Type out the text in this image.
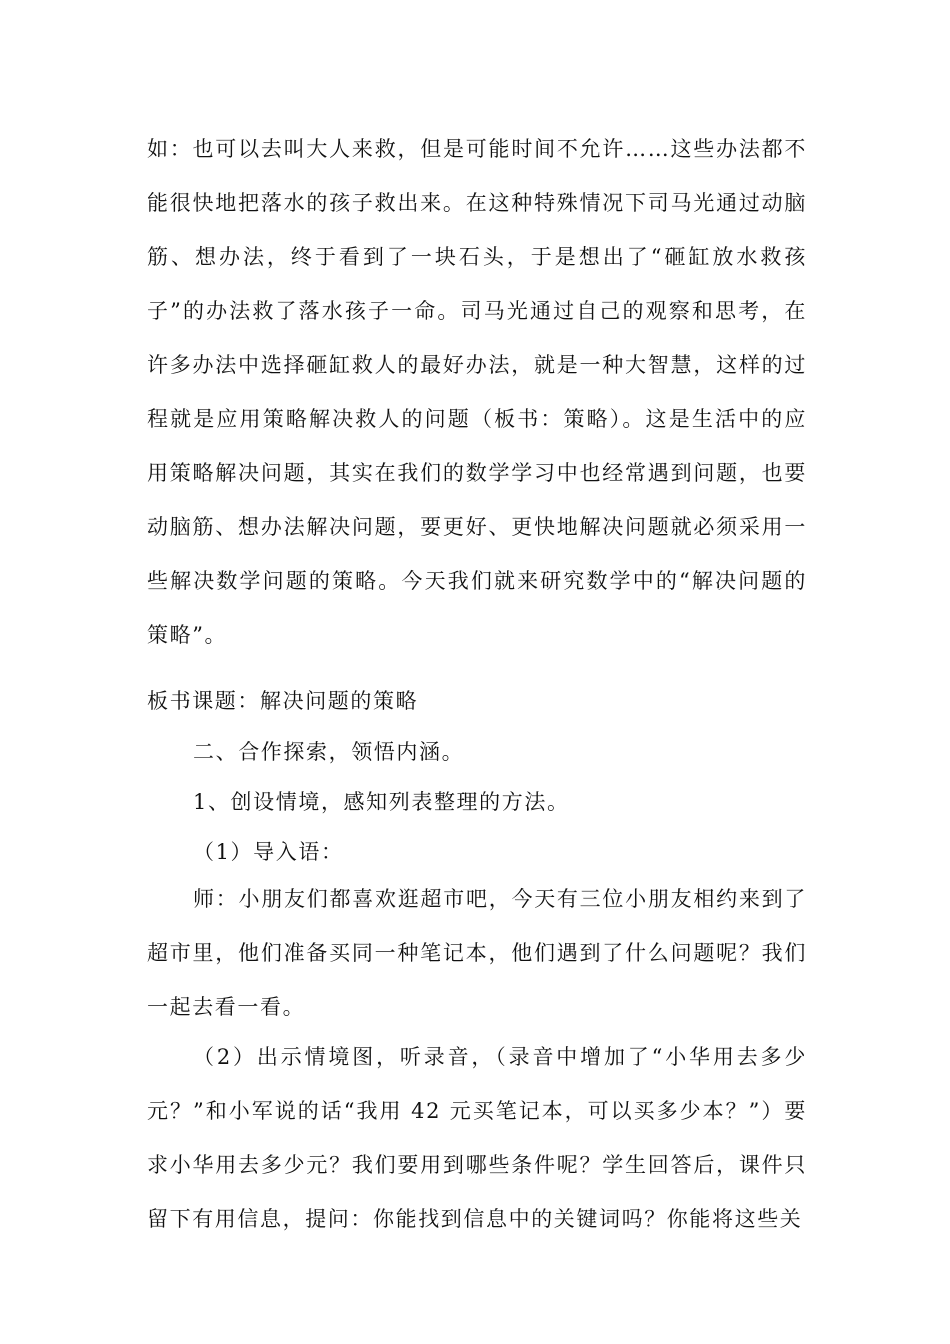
如：也可以去叫大人来救，但是可能时间不允许……这些办法都不能很快地把落水的孩子救出来。在这种特殊情况下司马光通过动脑筋、想办法，终于看到了一块石头，于是想出了“砸缸放水救孩子”的办法救了落水孩子一命。司马光通过自己的观察和思考，在许多办法中选择砸缸救人的最好办法，就是一种大智慧，这样的过程就是应用策略解决救人的问题（板书：策略）。这是生活中的应用策略解决问题，其实在我们的数学学习中也经常遇到问题，也要动脑筋、想办法解决问题，要更好、更快地解决问题就必须采用一些解决数学问题的策略。今天我们就来研究数学中的“解决问题的策略”。

板书课题：解决问题的策略

二、合作探索，领悟内涵。

1、创设情境，感知列表整理的方法。

（1）导入语：

师：小朋友们都喜欢逛超市吧，今天有三位小朋友相约来到了超市里，他们准备买同一种笔记本，他们遇到了什么问题呢？我们一起去看一看。

（2）出示情境图，听录音，（录音中增加了“小华用去多少元？”和小军说的话“我用 42 元买笔记本，可以买多少本？”）要求小华用去多少元？我们要用到哪些条件呢？学生回答后，课件只留下有用信息，提问：你能找到信息中的关键词吗？你能将这些关
